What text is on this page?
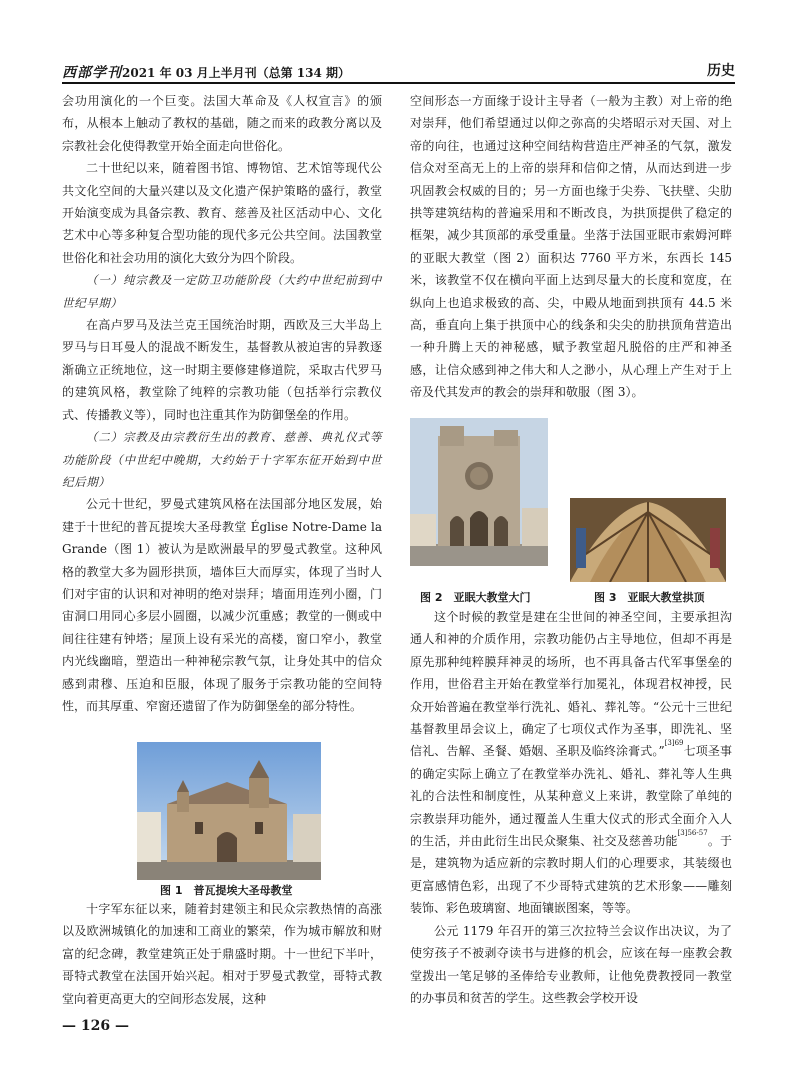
西部学刊2021 年 03 月上半月刊（总第 134 期）	历史

会功用演化的一个巨变。法国大革命及《人权宣言》的颁布，从根本上触动了教权的基础，随之而来的政教分离以及宗教社会化使得教堂开始全面走向世俗化。

二十世纪以来，随着图书馆、博物馆、艺术馆等现代公共文化空间的大量兴建以及文化遗产保护策略的盛行，教堂开始演变成为具备宗教、教育、慈善及社区活动中心、文化艺术中心等多种复合型功能的现代多元公共空间。法国教堂世俗化和社会功用的演化大致分为四个阶段。

（一）纯宗教及一定防卫功能阶段（大约中世纪前到中世纪早期）

在高卢罗马及法兰克王国统治时期，西欧及三大半岛上罗马与日耳曼人的混战不断发生，基督教从被迫害的异教逐渐确立正统地位，这一时期主要修建修道院，采取古代罗马的建筑风格，教堂除了纯粹的宗教功能（包括举行宗教仪式、传播教义等），同时也注重其作为防御堡垒的作用。

（二）宗教及由宗教衍生出的教育、慈善、典礼仪式等功能阶段（中世纪中晚期，大约始于十字军东征开始到中世纪后期）

公元十世纪，罗曼式建筑风格在法国部分地区发展，始建于十世纪的普瓦提埃大圣母教堂 Église Notre-Dame la Grande（图 1）被认为是欧洲最早的罗曼式教堂。这种风格的教堂大多为圆形拱顶，墙体巨大而厚实，体现了当时人们对宇宙的认识和对神明的绝对崇拜；墙面用连列小圈，门宙洞口用同心多层小圆圈，以减少沉重感；教堂的一侧或中间往往建有钟塔；屋顶上设有采光的高楼，窗口窄小，教堂内光线幽暗，塑造出一种神秘宗教气氛，让身处其中的信众感到肃穆、压迫和臣服，体现了服务于宗教功能的空间特性，而其厚重、窄窗还遗留了作为防御堡垒的部分特性。

图 1　普瓦提埃大圣母教堂

十字军东征以来，随着封建领主和民众宗教热情的高涨以及欧洲城镇化的加速和工商业的繁荣，作为城市解放和财富的纪念碑，教堂建筑正处于鼎盛时期。十一世纪下半叶，哥特式教堂在法国开始兴起。相对于罗曼式教堂，哥特式教堂向着更高更大的空间形态发展，这种

空间形态一方面缘于设计主导者（一般为主教）对上帝的绝对崇拜，他们希望通过以仰之弥高的尖塔昭示对天国、对上帝的向往，也通过这种空间结构营造庄严神圣的气氛，激发信众对至高无上的上帝的崇拜和信仰之情，从而达到进一步巩固教会权威的目的；另一方面也缘于尖券、飞扶壁、尖肋拱等建筑结构的普遍采用和不断改良，为拱顶提供了稳定的框架，减少其顶部的承受重量。坐落于法国亚眠市索姆河畔的亚眠大教堂（图 2）面积达 7760 平方米，东西长 145 米，该教堂不仅在横向平面上达到尽量大的长度和宽度，在纵向上也追求极致的高、尖，中殿从地面到拱顶有 44.5 米高，垂直向上集于拱顶中心的线条和尖尖的肋拱顶角营造出一种升腾上天的神秘感，赋予教堂超凡脱俗的庄严和神圣感，让信众感到神之伟大和人之渺小，从心理上产生对于上帝及代其发声的教会的崇拜和敬服（图 3）。

图 2　亚眠大教堂大门	图 3　亚眠大教堂拱顶

这个时候的教堂是建在尘世间的神圣空间，主要承担沟通人和神的介质作用，宗教功能仍占主导地位，但却不再是原先那种纯粹膜拜神灵的场所，也不再具备古代军事堡垒的作用，世俗君主开始在教堂举行加冕礼，体现君权神授，民众开始普遍在教堂举行洗礼、婚礼、葬礼等。“公元十三世纪基督教里昂会议上，确定了七项仪式作为圣事，即洗礼、坚信礼、告解、圣餐、婚姻、圣职及临终涂膏式。”$^{[3]69}$七项圣事的确定实际上确立了在教堂举办洗礼、婚礼、葬礼等人生典礼的合法性和制度性，从某种意义上来讲，教堂除了单纯的宗教崇拜功能外，通过覆盖人生重大仪式的形式全面介入人的生活，并由此衍生出民众聚集、社交及慈善功能$^{[3]56-57}$。于是，建筑物为适应新的宗教时期人们的心理要求，其装缀也更富感情色彩，出现了不少哥特式建筑的艺术形象——雕刻装饰、彩色玻璃窗、地面镶嵌图案，等等。

公元 1179 年召开的第三次拉特兰会议作出决议，为了使穷孩子不被剥夺读书与进修的机会，应该在每一座教会教堂拨出一笔足够的圣俸给专业教师，让他免费教授同一教堂的办事员和贫苦的学生。这些教会学校开设

— 126 —
